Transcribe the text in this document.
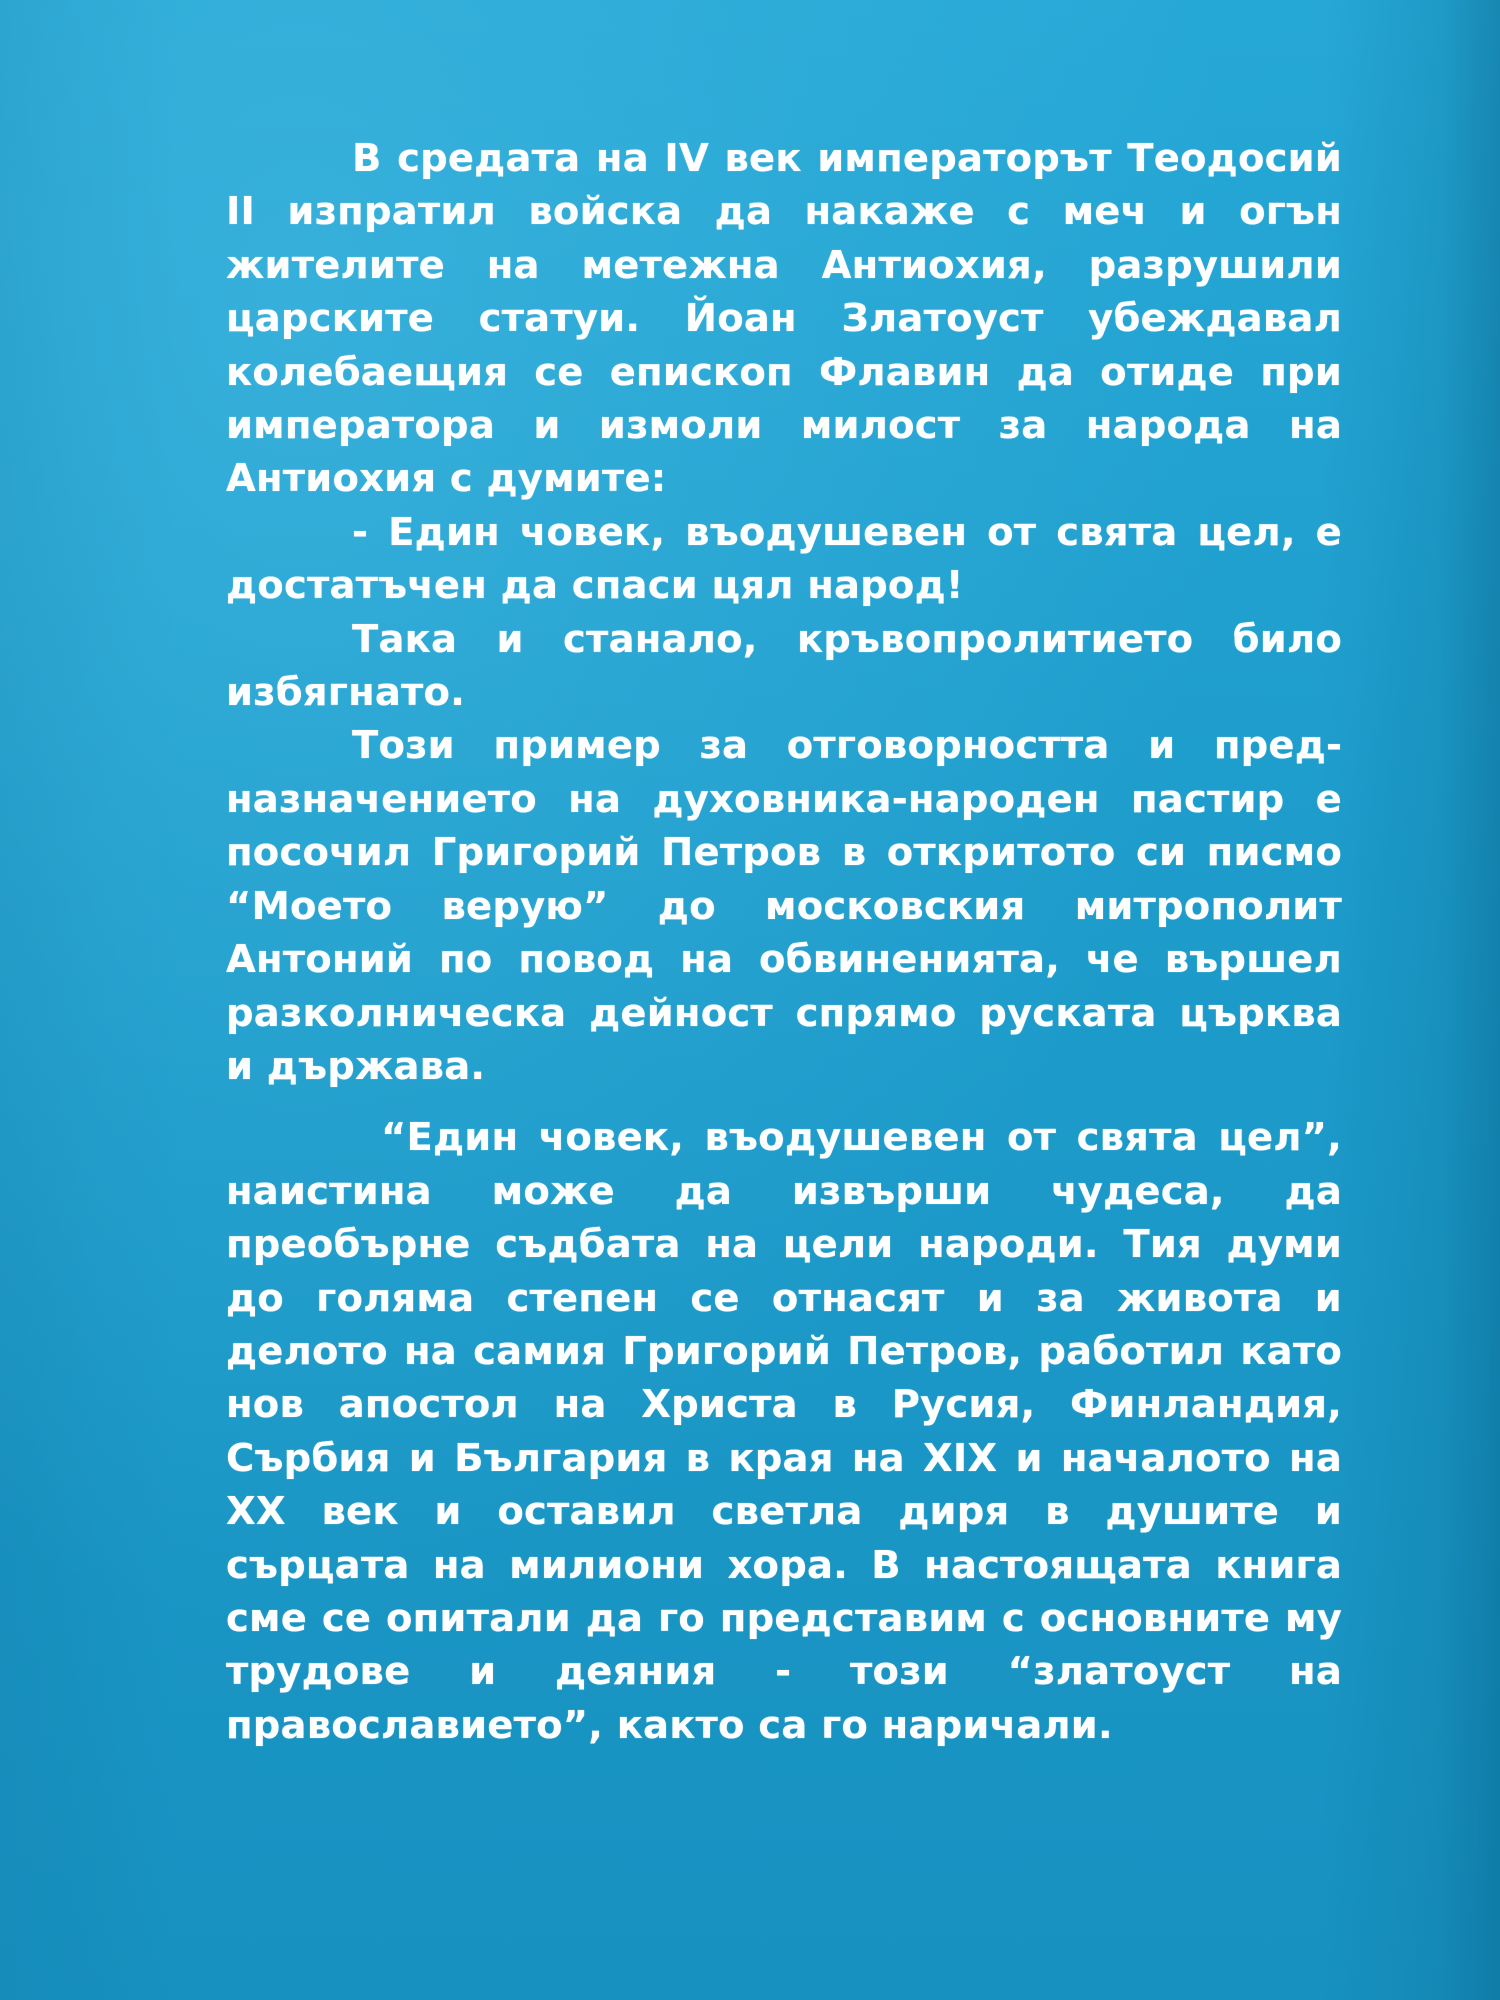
В средата на IV век императорът Теодосий II изпратил войска да накаже с меч и огън жителите на метежна Антиохия, разрушили царските статуи. Йоан Златоуст убеждавал колебаещия се епископ Флавин да отиде при императора и измоли милост за народа на Антиохия с думите:

- Един човек, въодушевен от свята цел, е достатъчен да спаси цял народ!

Така и станало, кръвопролитието било избягнато.

Този пример за отговорността и предназначението на духовника-народен пастир е посочил Григорий Петров в откритото си писмо “Моето верую” до московския митрополит Антоний по повод на обвиненията, че вършел разколническа дейност спрямо руската църква и държава.

“Един човек, въодушевен от свята цел”, наистина може да извърши чудеса, да преобърне съдбата на цели народи. Тия думи до голяма степен се отнасят и за живота и делото на самия Григорий Петров, работил като нов апостол на Христа в Русия, Финландия, Сърбия и България в края на XIX и началото на XX век и оставил светла диря в душите и сърцата на милиони хора. В настоящата книга сме се опитали да го представим с основните му трудове и деяния - този “златоуст на православието”, както са го наричали.
